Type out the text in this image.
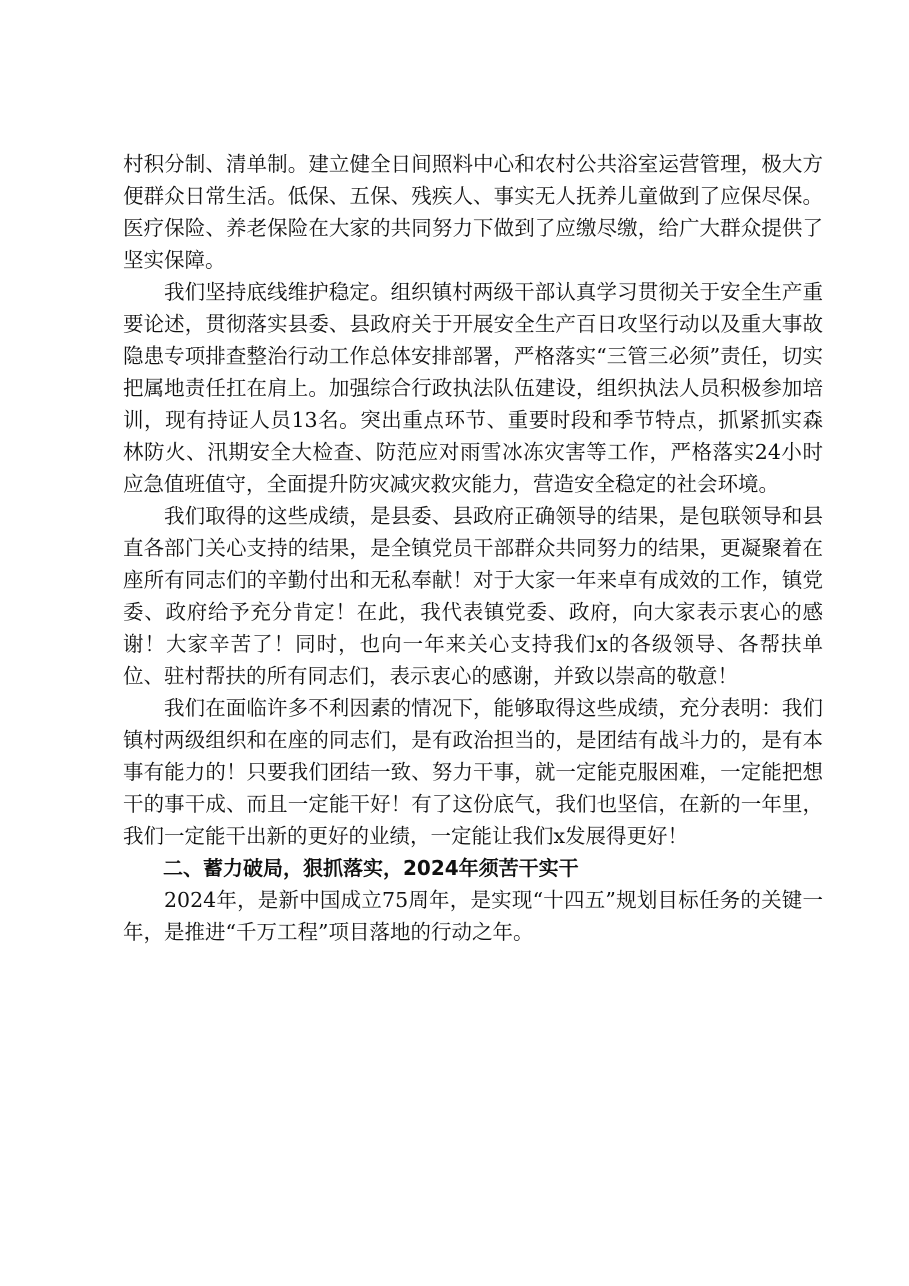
村积分制、清单制。建立健全日间照料中心和农村公共浴室运营管理，极大方便群众日常生活。低保、五保、残疾人、事实无人抚养儿童做到了应保尽保。医疗保险、养老保险在大家的共同努力下做到了应缴尽缴，给广大群众提供了坚实保障。

我们坚持底线维护稳定。组织镇村两级干部认真学习贯彻关于安全生产重要论述，贯彻落实县委、县政府关于开展安全生产百日攻坚行动以及重大事故隐患专项排查整治行动工作总体安排部署，严格落实“三管三必须”责任，切实把属地责任扛在肩上。加强综合行政执法队伍建设，组织执法人员积极参加培训，现有持证人员13名。突出重点环节、重要时段和季节特点，抓紧抓实森林防火、汛期安全大检查、防范应对雨雪冰冻灾害等工作，严格落实24小时应急值班值守，全面提升防灾减灾救灾能力，营造安全稳定的社会环境。

我们取得的这些成绩，是县委、县政府正确领导的结果，是包联领导和县直各部门关心支持的结果，是全镇党员干部群众共同努力的结果，更凝聚着在座所有同志们的辛勤付出和无私奉献！对于大家一年来卓有成效的工作，镇党委、政府给予充分肯定！在此，我代表镇党委、政府，向大家表示衷心的感谢！大家辛苦了！同时，也向一年来关心支持我们x的各级领导、各帮扶单位、驻村帮扶的所有同志们，表示衷心的感谢，并致以崇高的敬意！

我们在面临许多不利因素的情况下，能够取得这些成绩，充分表明：我们镇村两级组织和在座的同志们，是有政治担当的，是团结有战斗力的，是有本事有能力的！只要我们团结一致、努力干事，就一定能克服困难，一定能把想干的事干成、而且一定能干好！有了这份底气，我们也坚信，在新的一年里，我们一定能干出新的更好的业绩，一定能让我们x发展得更好！

二、蓄力破局，狠抓落实，2024年须苦干实干

2024年，是新中国成立75周年，是实现“十四五”规划目标任务的关键一年，是推进“千万工程”项目落地的行动之年。
